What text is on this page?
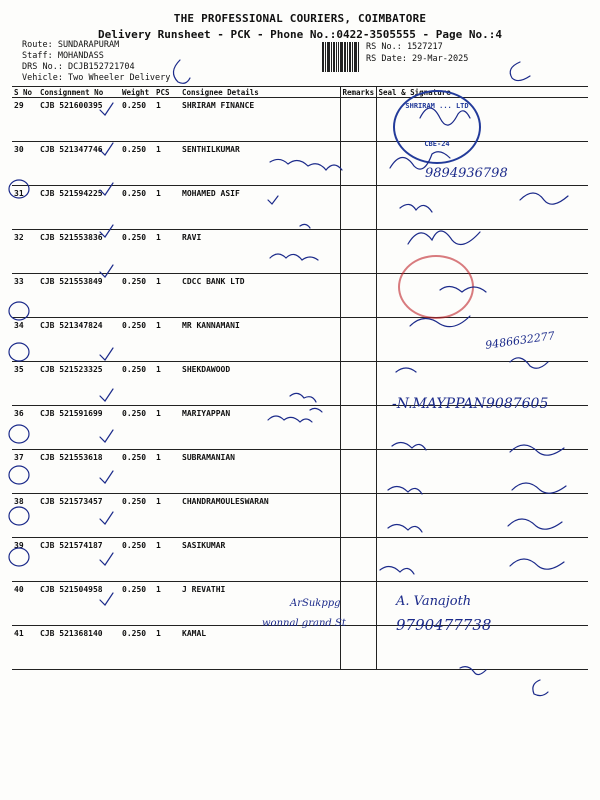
THE PROFESSIONAL COURIERS, COIMBATORE
Delivery Runsheet - PCK - Phone No.:0422-3505555 - Page No.:4
Route: SUNDARAPURAM
Staff: MOHANDASS
DRS No.: DCJB152721704
Vehicle: Two Wheeler Delivery
RS No.: 1527217
RS Date: 29-Mar-2025
S No	Consignment No	Weight	PCS	Consignee Details	Remarks	Seal & Signature
29	CJB 521600395	0.250	1	SHRIRAM FINANCE		
30	CJB 521347746	0.250	1	SENTHILKUMAR		
31	CJB 521594225	0.250	1	MOHAMED ASIF		
32	CJB 521553836	0.250	1	RAVI		
33	CJB 521553849	0.250	1	CDCC BANK LTD		
34	CJB 521347824	0.250	1	MR KANNAMANI		
35	CJB 521523325	0.250	1	SHEKDAWOOD		
36	CJB 521591699	0.250	1	MARIYAPPAN		
37	CJB 521553618	0.250	1	SUBRAMANIAN		
38	CJB 521573457	0.250	1	CHANDRAMOULESWARAN		
39	CJB 521574187	0.250	1	SASIKUMAR		
40	CJB 521504958	0.250	1	J REVATHI		
41	CJB 521368140	0.250	1	KAMAL		
SHRIRAM ... LTD
CBE-24
9894936798
9486632277
-N.MAYPPAN 9087605
A. Vanajoth
9790477738
ArSukppg
wonnal grand St
